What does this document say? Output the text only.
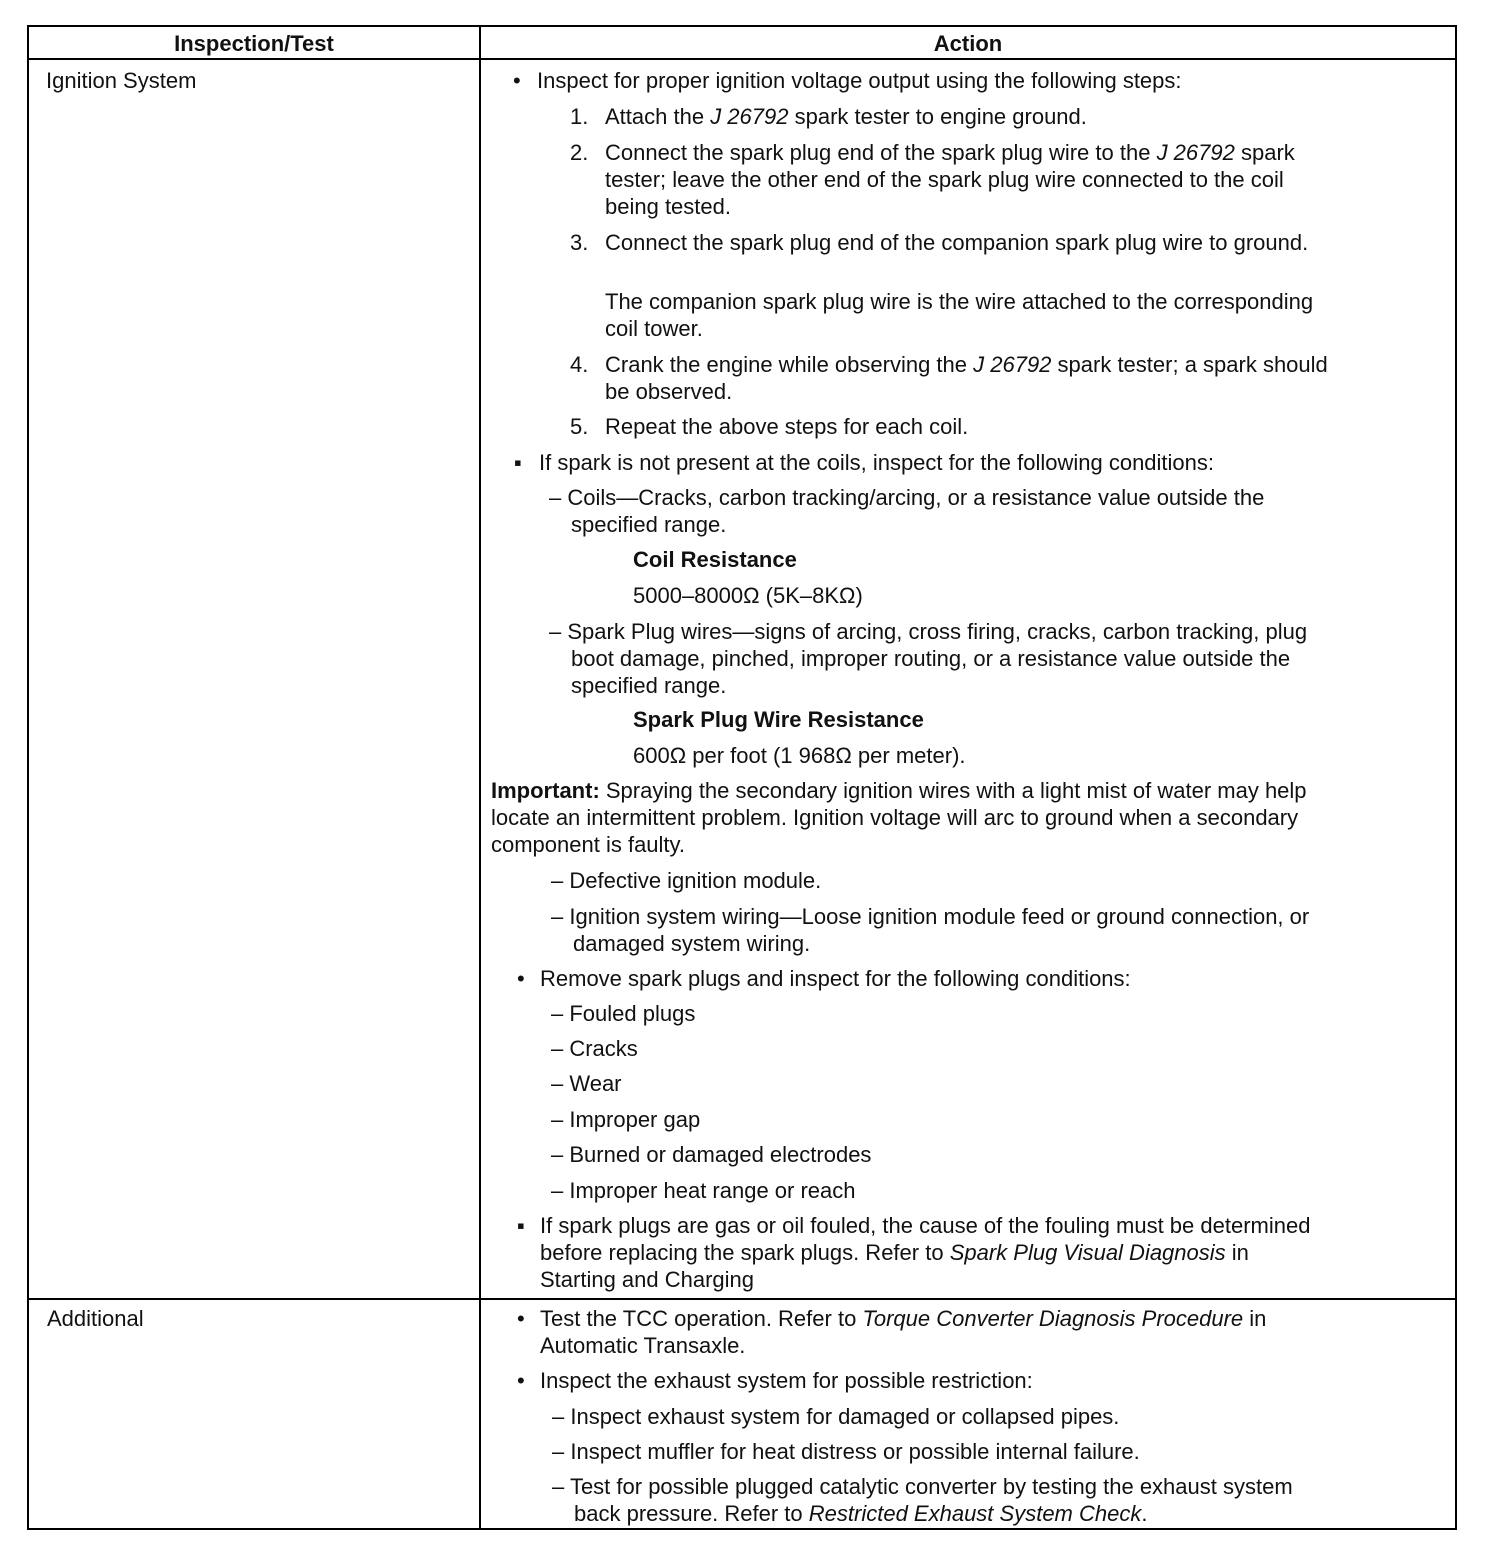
Inspection/Test	Action
Ignition System	• Inspect for proper ignition voltage output using the following steps:
1. Attach the J 26792 spark tester to engine ground.
2. Connect the spark plug end of the spark plug wire to the J 26792 spark
tester; leave the other end of the spark plug wire connected to the coil
being tested.
3. Connect the spark plug end of the companion spark plug wire to ground.
The companion spark plug wire is the wire attached to the corresponding
coil tower.
4. Crank the engine while observing the J 26792 spark tester; a spark should
be observed.
5. Repeat the above steps for each coil.
▪ If spark is not present at the coils, inspect for the following conditions:
– Coils—Cracks, carbon tracking/arcing, or a resistance value outside the
specified range.
Coil Resistance
5000–8000Ω (5K–8KΩ)
– Spark Plug wires—signs of arcing, cross firing, cracks, carbon tracking, plug
boot damage, pinched, improper routing, or a resistance value outside the
specified range.
Spark Plug Wire Resistance
600Ω per foot (1 968Ω per meter).
Important: Spraying the secondary ignition wires with a light mist of water may help
locate an intermittent problem. Ignition voltage will arc to ground when a secondary
component is faulty.
– Defective ignition module.
– Ignition system wiring—Loose ignition module feed or ground connection, or
damaged system wiring.
• Remove spark plugs and inspect for the following conditions:
– Fouled plugs
– Cracks
– Wear
– Improper gap
– Burned or damaged electrodes
– Improper heat range or reach
▪ If spark plugs are gas or oil fouled, the cause of the fouling must be determined
before replacing the spark plugs. Refer to Spark Plug Visual Diagnosis in
Starting and Charging
Additional	• Test the TCC operation. Refer to Torque Converter Diagnosis Procedure in
Automatic Transaxle.
• Inspect the exhaust system for possible restriction:
– Inspect exhaust system for damaged or collapsed pipes.
– Inspect muffler for heat distress or possible internal failure.
– Test for possible plugged catalytic converter by testing the exhaust system
back pressure. Refer to Restricted Exhaust System Check.
